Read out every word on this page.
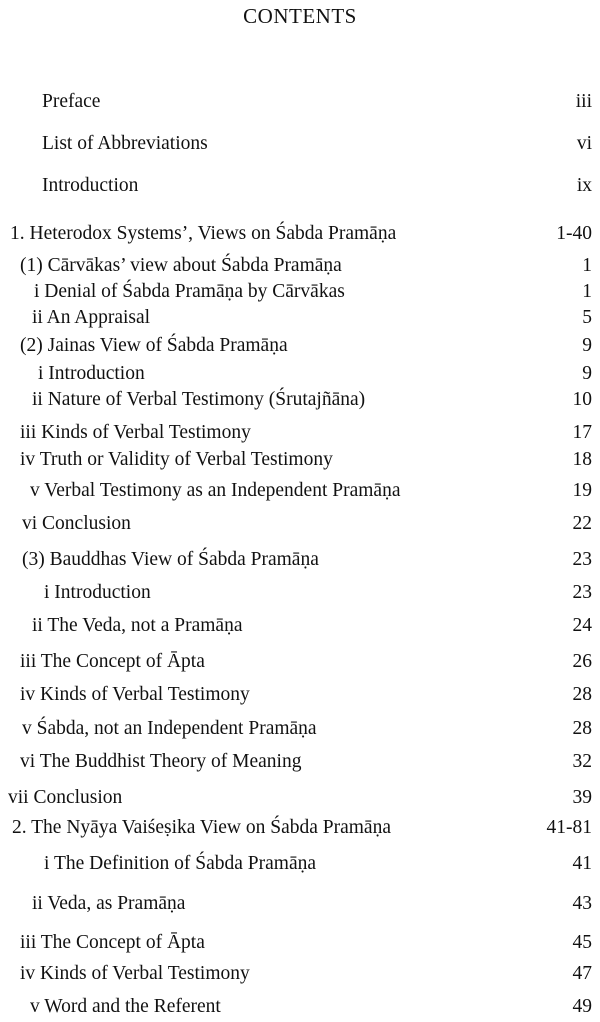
CONTENTS
Preface	iii
List of Abbreviations	vi
Introduction	ix
1. Heterodox Systems’, Views on Śabda Pramāṇa	1-40
(1) Cārvākas’ view about Śabda Pramāṇa	1
i Denial of Śabda Pramāṇa by Cārvākas	1
ii An Appraisal	5
(2) Jainas View of Śabda Pramāṇa	9
i Introduction	9
ii Nature of Verbal Testimony (Śrutajñāna)	10
iii Kinds of Verbal Testimony	17
iv Truth or Validity of Verbal Testimony	18
v Verbal Testimony as an Independent Pramāṇa	19
vi Conclusion	22
(3) Bauddhas View of Śabda Pramāṇa	23
i Introduction	23
ii The Veda, not a Pramāṇa	24
iii The Concept of Āpta	26
iv Kinds of Verbal Testimony	28
v Śabda, not an Independent Pramāṇa	28
vi The Buddhist Theory of Meaning	32
vii Conclusion	39
2. The Nyāya Vaiśeṣika View on Śabda Pramāṇa	41-81
i The Definition of Śabda Pramāṇa	41
ii Veda, as Pramāṇa	43
iii The Concept of Āpta	45
iv Kinds of Verbal Testimony	47
v Word and the Referent	49
